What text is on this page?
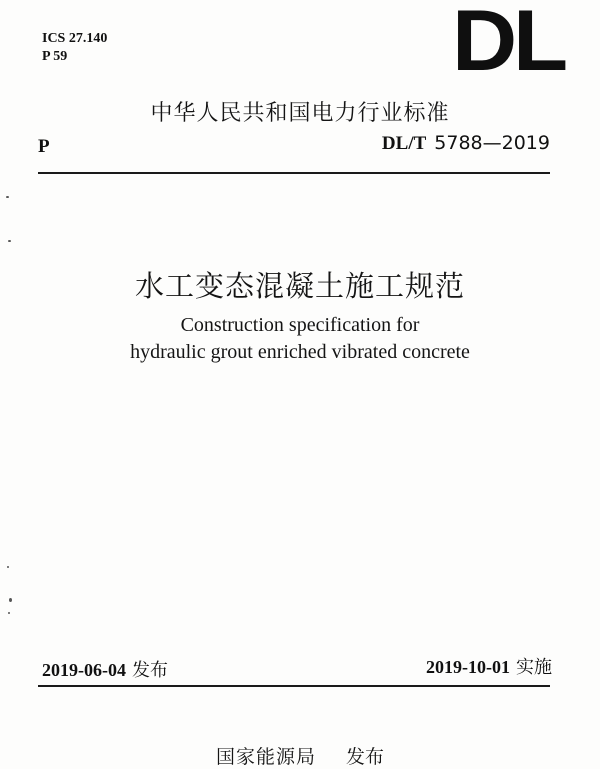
ICS 27.140
P 59	DL
中华人民共和国电力行业标准
P	DL/T 5788—2019
水工变态混凝土施工规范
Construction specification for
hydraulic grout enriched vibrated concrete
2019-06-04 发布	2019-10-01 实施
国家能源局 发布
